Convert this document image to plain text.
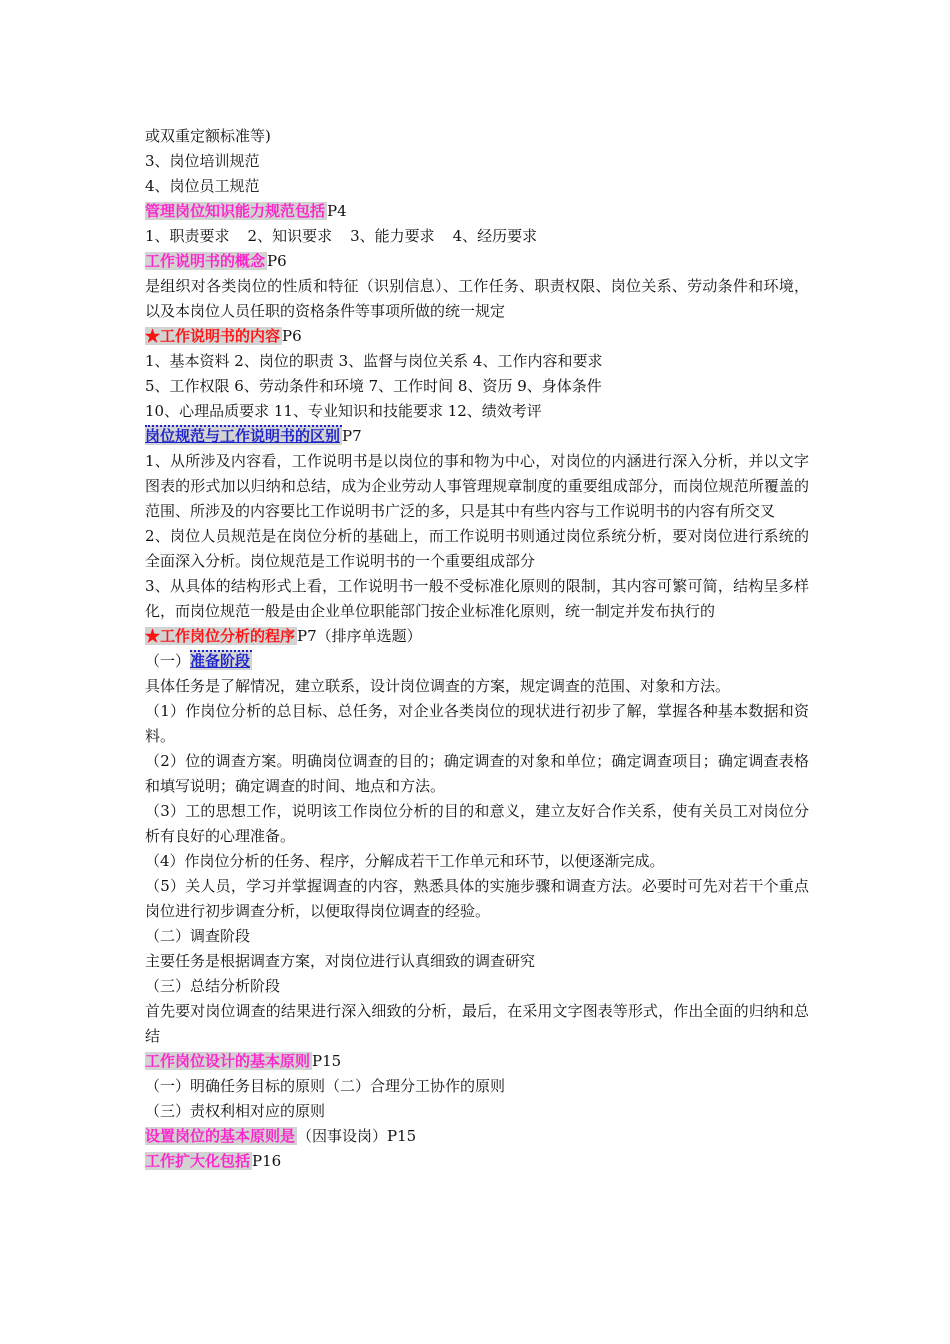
或双重定额标准等)
3、岗位培训规范
4、岗位员工规范
管理岗位知识能力规范包括 P4
1、职责要求 2、知识要求 3、能力要求 4、经历要求
工作说明书的概念 P6
是组织对各类岗位的性质和特征（识别信息）、工作任务、职责权限、岗位关系、劳动条件和环境，以及本岗位人员任职的资格条件等事项所做的统一规定
★工作说明书的内容 P6
1、基本资料 2、岗位的职责 3、监督与岗位关系 4、工作内容和要求
5、工作权限 6、劳动条件和环境 7、工作时间 8、资历 9、身体条件
10、心理品质要求 11、专业知识和技能要求 12、绩效考评
岗位规范与工作说明书的区别 P7
1、从所涉及内容看，工作说明书是以岗位的事和物为中心，对岗位的内涵进行深入分析，并以文字图表的形式加以归纳和总结，成为企业劳动人事管理规章制度的重要组成部分，而岗位规范所覆盖的范围、所涉及的内容要比工作说明书广泛的多，只是其中有些内容与工作说明书的内容有所交叉
2、岗位人员规范是在岗位分析的基础上，而工作说明书则通过岗位系统分析，要对岗位进行系统的全面深入分析。岗位规范是工作说明书的一个重要组成部分
3、从具体的结构形式上看，工作说明书一般不受标准化原则的限制，其内容可繁可简，结构呈多样化，而岗位规范一般是由企业单位职能部门按企业标准化原则，统一制定并发布执行的
★工作岗位分析的程序 P7（排序单选题）
（一）准备阶段
具体任务是了解情况，建立联系，设计岗位调查的方案，规定调查的范围、对象和方法。
（1）作岗位分析的总目标、总任务，对企业各类岗位的现状进行初步了解，掌握各种基本数据和资料。
（2）位的调查方案。明确岗位调查的目的；确定调查的对象和单位；确定调查项目；确定调查表格和填写说明；确定调查的时间、地点和方法。
（3）工的思想工作，说明该工作岗位分析的目的和意义，建立友好合作关系，使有关员工对岗位分析有良好的心理准备。
（4）作岗位分析的任务、程序，分解成若干工作单元和环节，以便逐渐完成。
（5）关人员，学习并掌握调查的内容，熟悉具体的实施步骤和调查方法。必要时可先对若干个重点岗位进行初步调查分析，以便取得岗位调查的经验。
（二）调查阶段
主要任务是根据调查方案，对岗位进行认真细致的调查研究
（三）总结分析阶段
首先要对岗位调查的结果进行深入细致的分析，最后，在采用文字图表等形式，作出全面的归纳和总结
工作岗位设计的基本原则 P15
（一）明确任务目标的原则（二）合理分工协作的原则
（三）责权利相对应的原则
设置岗位的基本原则是 （因事设岗）P15
工作扩大化包括 P16
